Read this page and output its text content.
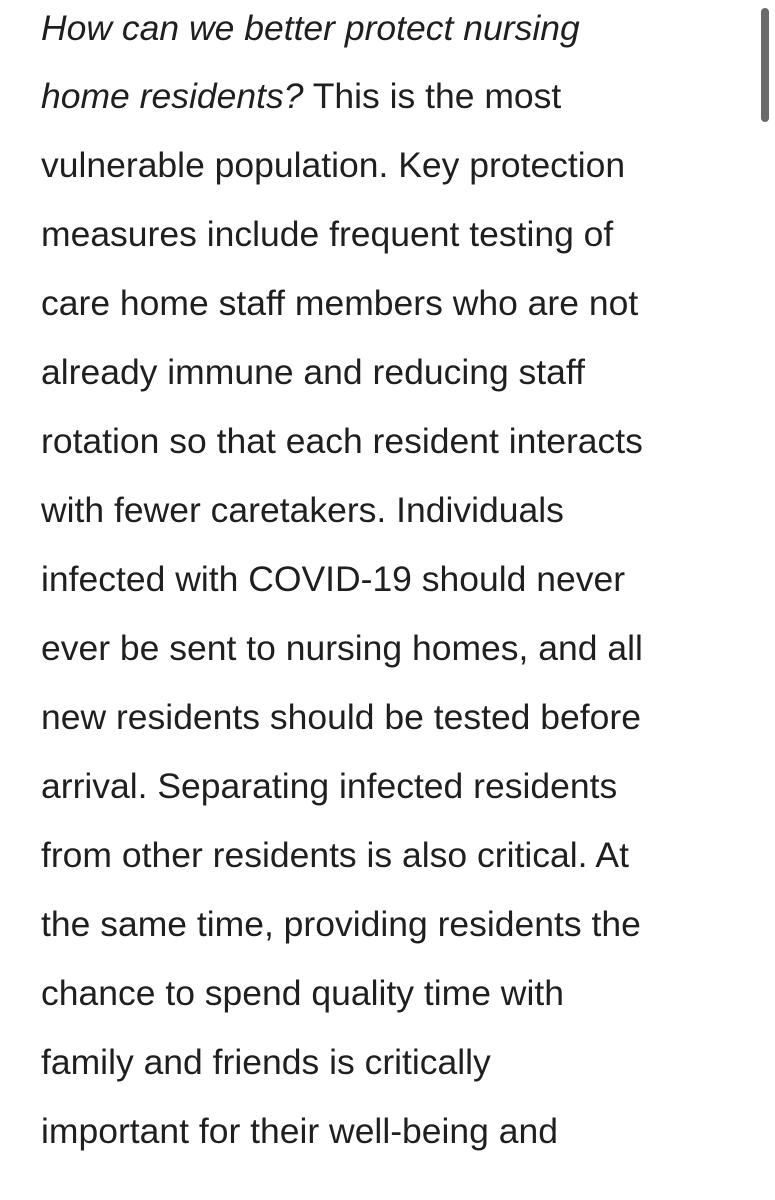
How can we better protect nursing
home residents? This is the most
vulnerable population. Key protection
measures include frequent testing of
care home staff members who are not
already immune and reducing staff
rotation so that each resident interacts
with fewer caretakers. Individuals
infected with COVID-19 should never
ever be sent to nursing homes, and all
new residents should be tested before
arrival. Separating infected residents
from other residents is also critical. At
the same time, providing residents the
chance to spend quality time with
family and friends is critically
important for their well-being and
